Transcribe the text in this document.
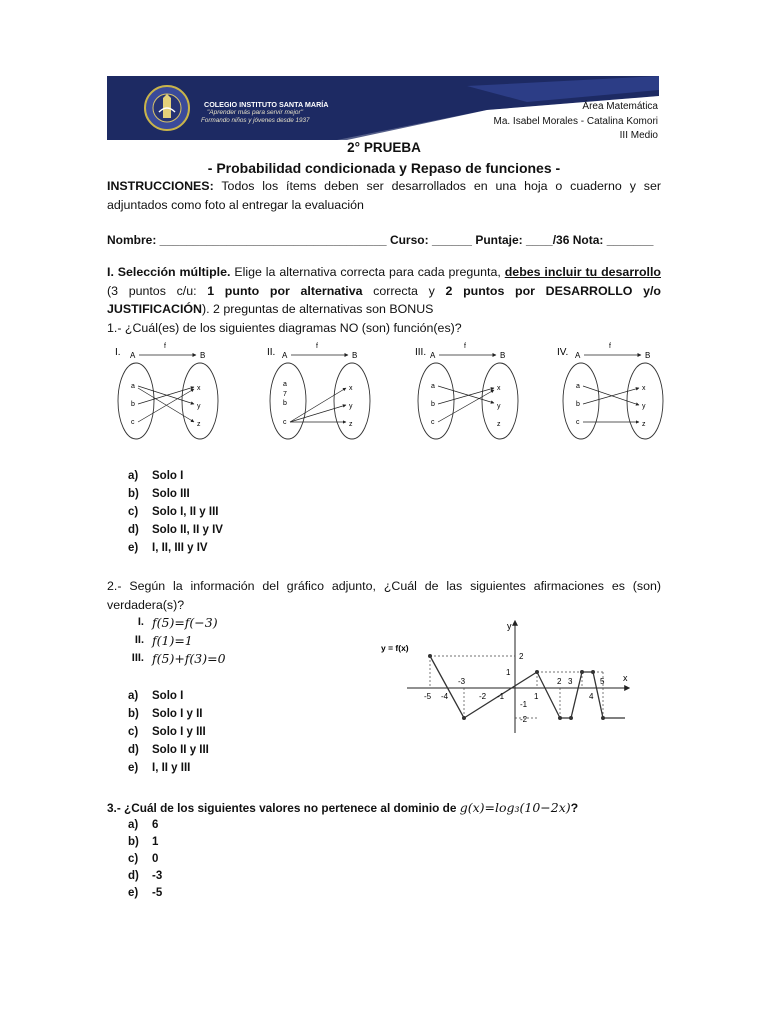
COLEGIO INSTITUTO SANTA MARÍA
"Aprender más para servir mejor"
Formando niños y jóvenes desde 1937
Área Matemática
Ma. Isabel Morales - Catalina Komori
III Medio
2° PRUEBA
- Probabilidad condicionada y Repaso de funciones -
INSTRUCCIONES: Todos los ítems deben ser desarrollados en una hoja o cuaderno y ser adjuntados como foto al entregar la evaluación
Nombre: __________________________________ Curso: ______ Puntaje: ____/36 Nota: _______
I. Selección múltiple. Elige la alternativa correcta para cada pregunta, debes incluir tu desarrollo (3 puntos c/u: 1 punto por alternativa correcta y 2 puntos por DESARROLLO y/o JUSTIFICACIÓN). 2 preguntas de alternativas son BONUS
1.- ¿Cuál(es) de los siguientes diagramas NO (son) función(es)?
I. A	B
f
a
b
c
x
y
z
II. A	B
f
a
7
b
c
x
y
z
III. A	B
f
a
b
c
x
y
z
IV. A	B
f
a
b
c
x
y
z
a) Solo I
b) Solo III
c) Solo I, II y III
d) Solo II, II y IV
e) I, II, III y IV
2.- Según la información del gráfico adjunto, ¿Cuál de las siguientes afirmaciones es (son) verdadera(s)?
I. f(5)=f(−3)
II. f(1)=1
III. f(5)+f(3)=0
x
y
y = f(x)
-5 -4
-3
-2 -1	1
2 3
4
5
2
1
-1
-2
a) Solo I
b) Solo I y II
c) Solo I y III
d) Solo II y III
e) I, II y III
3.- ¿Cuál de los siguientes valores no pertenece al dominio de g(x)=log₃(10−2x)?
a) 6
b) 1
c) 0
d) -3
e) -5
